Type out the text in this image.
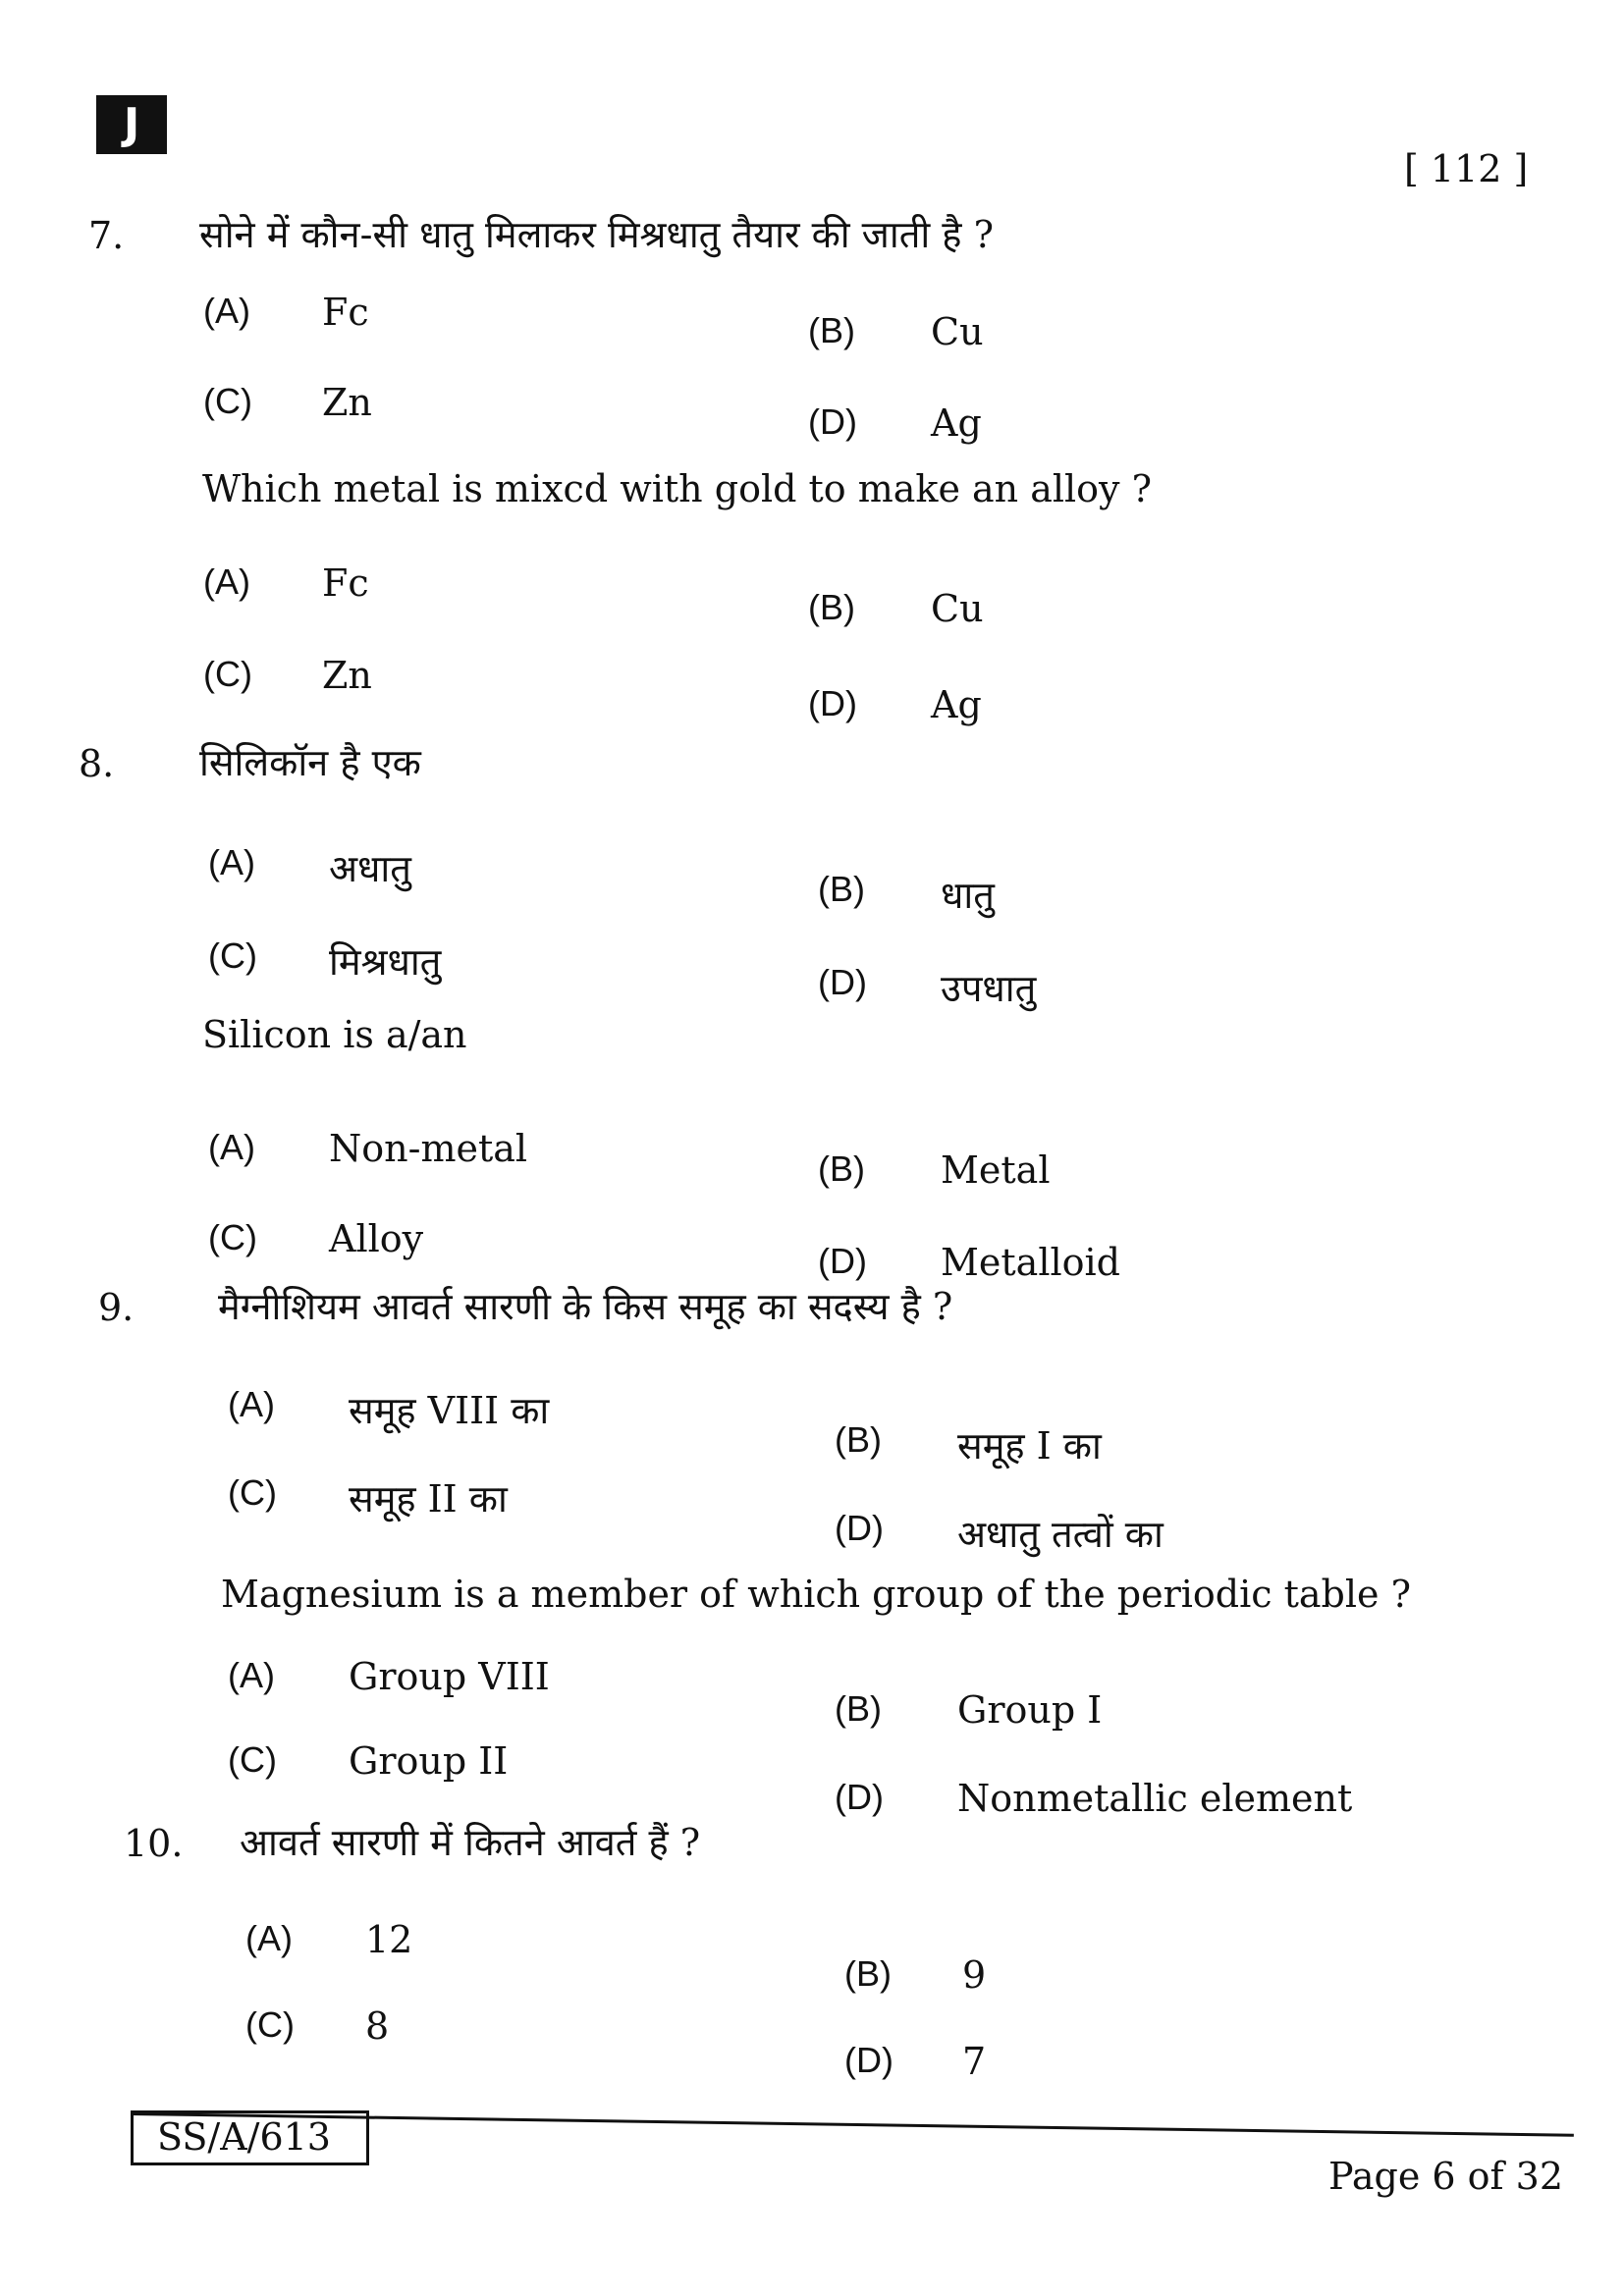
J
[ 112 ]
7. सोने में कौन-सी धातु मिलाकर मिश्रधातु तैयार की जाती है ?
(A) Fc	(B) Cu
(C) Zn	(D) Ag
Which metal is mixcd with gold to make an alloy ?
(A) Fc
(B) Cu
(C) Zn
(D) Ag
8. सिलिकॉन है एक
(A) अधातु	(B) धातु
(C) मिश्रधातु	(D) उपधातु
Silicon is a/an
(A) Non-metal	(B) Metal
(C) Alloy
(D) Metalloid
9. मैग्नीशियम आवर्त सारणी के किस समूह का सदस्य है ?
(A) समूह VIII का
(B) समूह I का
(C) समूह II का
(D) अधातु तत्वों का
Magnesium is a member of which group of the periodic table ?
(A) Group VIII
(B) Group I
(C) Group II
(D) Nonmetallic element
10. आवर्त सारणी में कितने आवर्त हैं ?
(A) 12
(B) 9
(C) 8
(D) 7
SS/A/613
Page 6 of 32
